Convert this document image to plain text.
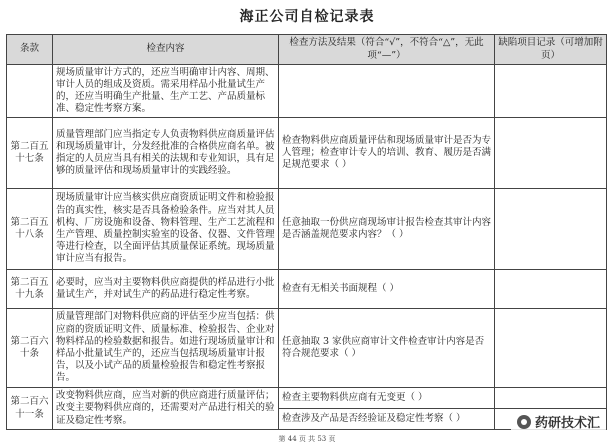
海正公司自检记录表
条款	检查内容	检查方法及结果（符合“√”，不符合“△”，无此项“—”）	缺陷项目记录（可增加附页）
	规场质量审计方式的，还应当明确审计内容、周期、审计人员的组成及资质。需采用样品小批量试生产的，还应当明确生产批量、生产工艺、产品质量标准、稳定性考察方案。		
第二百五十七条	质量管理部门应当指定专人负责物料供应商质量评估和现场质量审计，分发经批准的合格供应商名单。被指定的人员应当具有相关的法规和专业知识，具有足够的质量评估和现场质量审计的实践经验。	检查物料供应商质量评估和现场质量审计是否为专人管理；检查审计专人的培训、教育、履历是否满足规范要求（ ）	
第二百五十八条	现场质量审计应当核实供应商资质证明文件和检验报告的真实性，核实是否具备检验条件。应当对其人员机构、厂房设施和设备、物料管理、生产工艺流程和生产管理、质量控制实验室的设备、仪器、文件管理等进行检查，以全面评估其质量保证系统。现场质量审计应当有报告。	任意抽取一份供应商现场审计报告检查其审计内容是否涵盖规范要求内容？（ ）	
第二百五十九条	必要时，应当对主要物料供应商提供的样品进行小批量试生产，并对试生产的药品进行稳定性考察。	检查有无相关书面规程（ ）	
第二百六十条	质量管理部门对物料供应商的评估至少应当包括：供应商的资质证明文件、质量标准、检验报告、企业对物料样品的检验数据和报告。如进行现场质量审计和样品小批量试生产的，还应当包括现场质量审计报告，以及小试产品的质量检验报告和稳定性考察报告。	任意抽取 3 家供应商审计文件检查审计内容是否符合规范要求（ ）	
第二百六十一条	改变物料供应商，应当对新的供应商进行质量评估；改变主要物料供应商的，还需要对产品进行相关的验证及稳定性考察。	检查主要物料供应商有无变更（ ）	
		检查涉及产品是否经验证及稳定性考察（ ）	
第 44 页 共 53 页
药研技术汇
